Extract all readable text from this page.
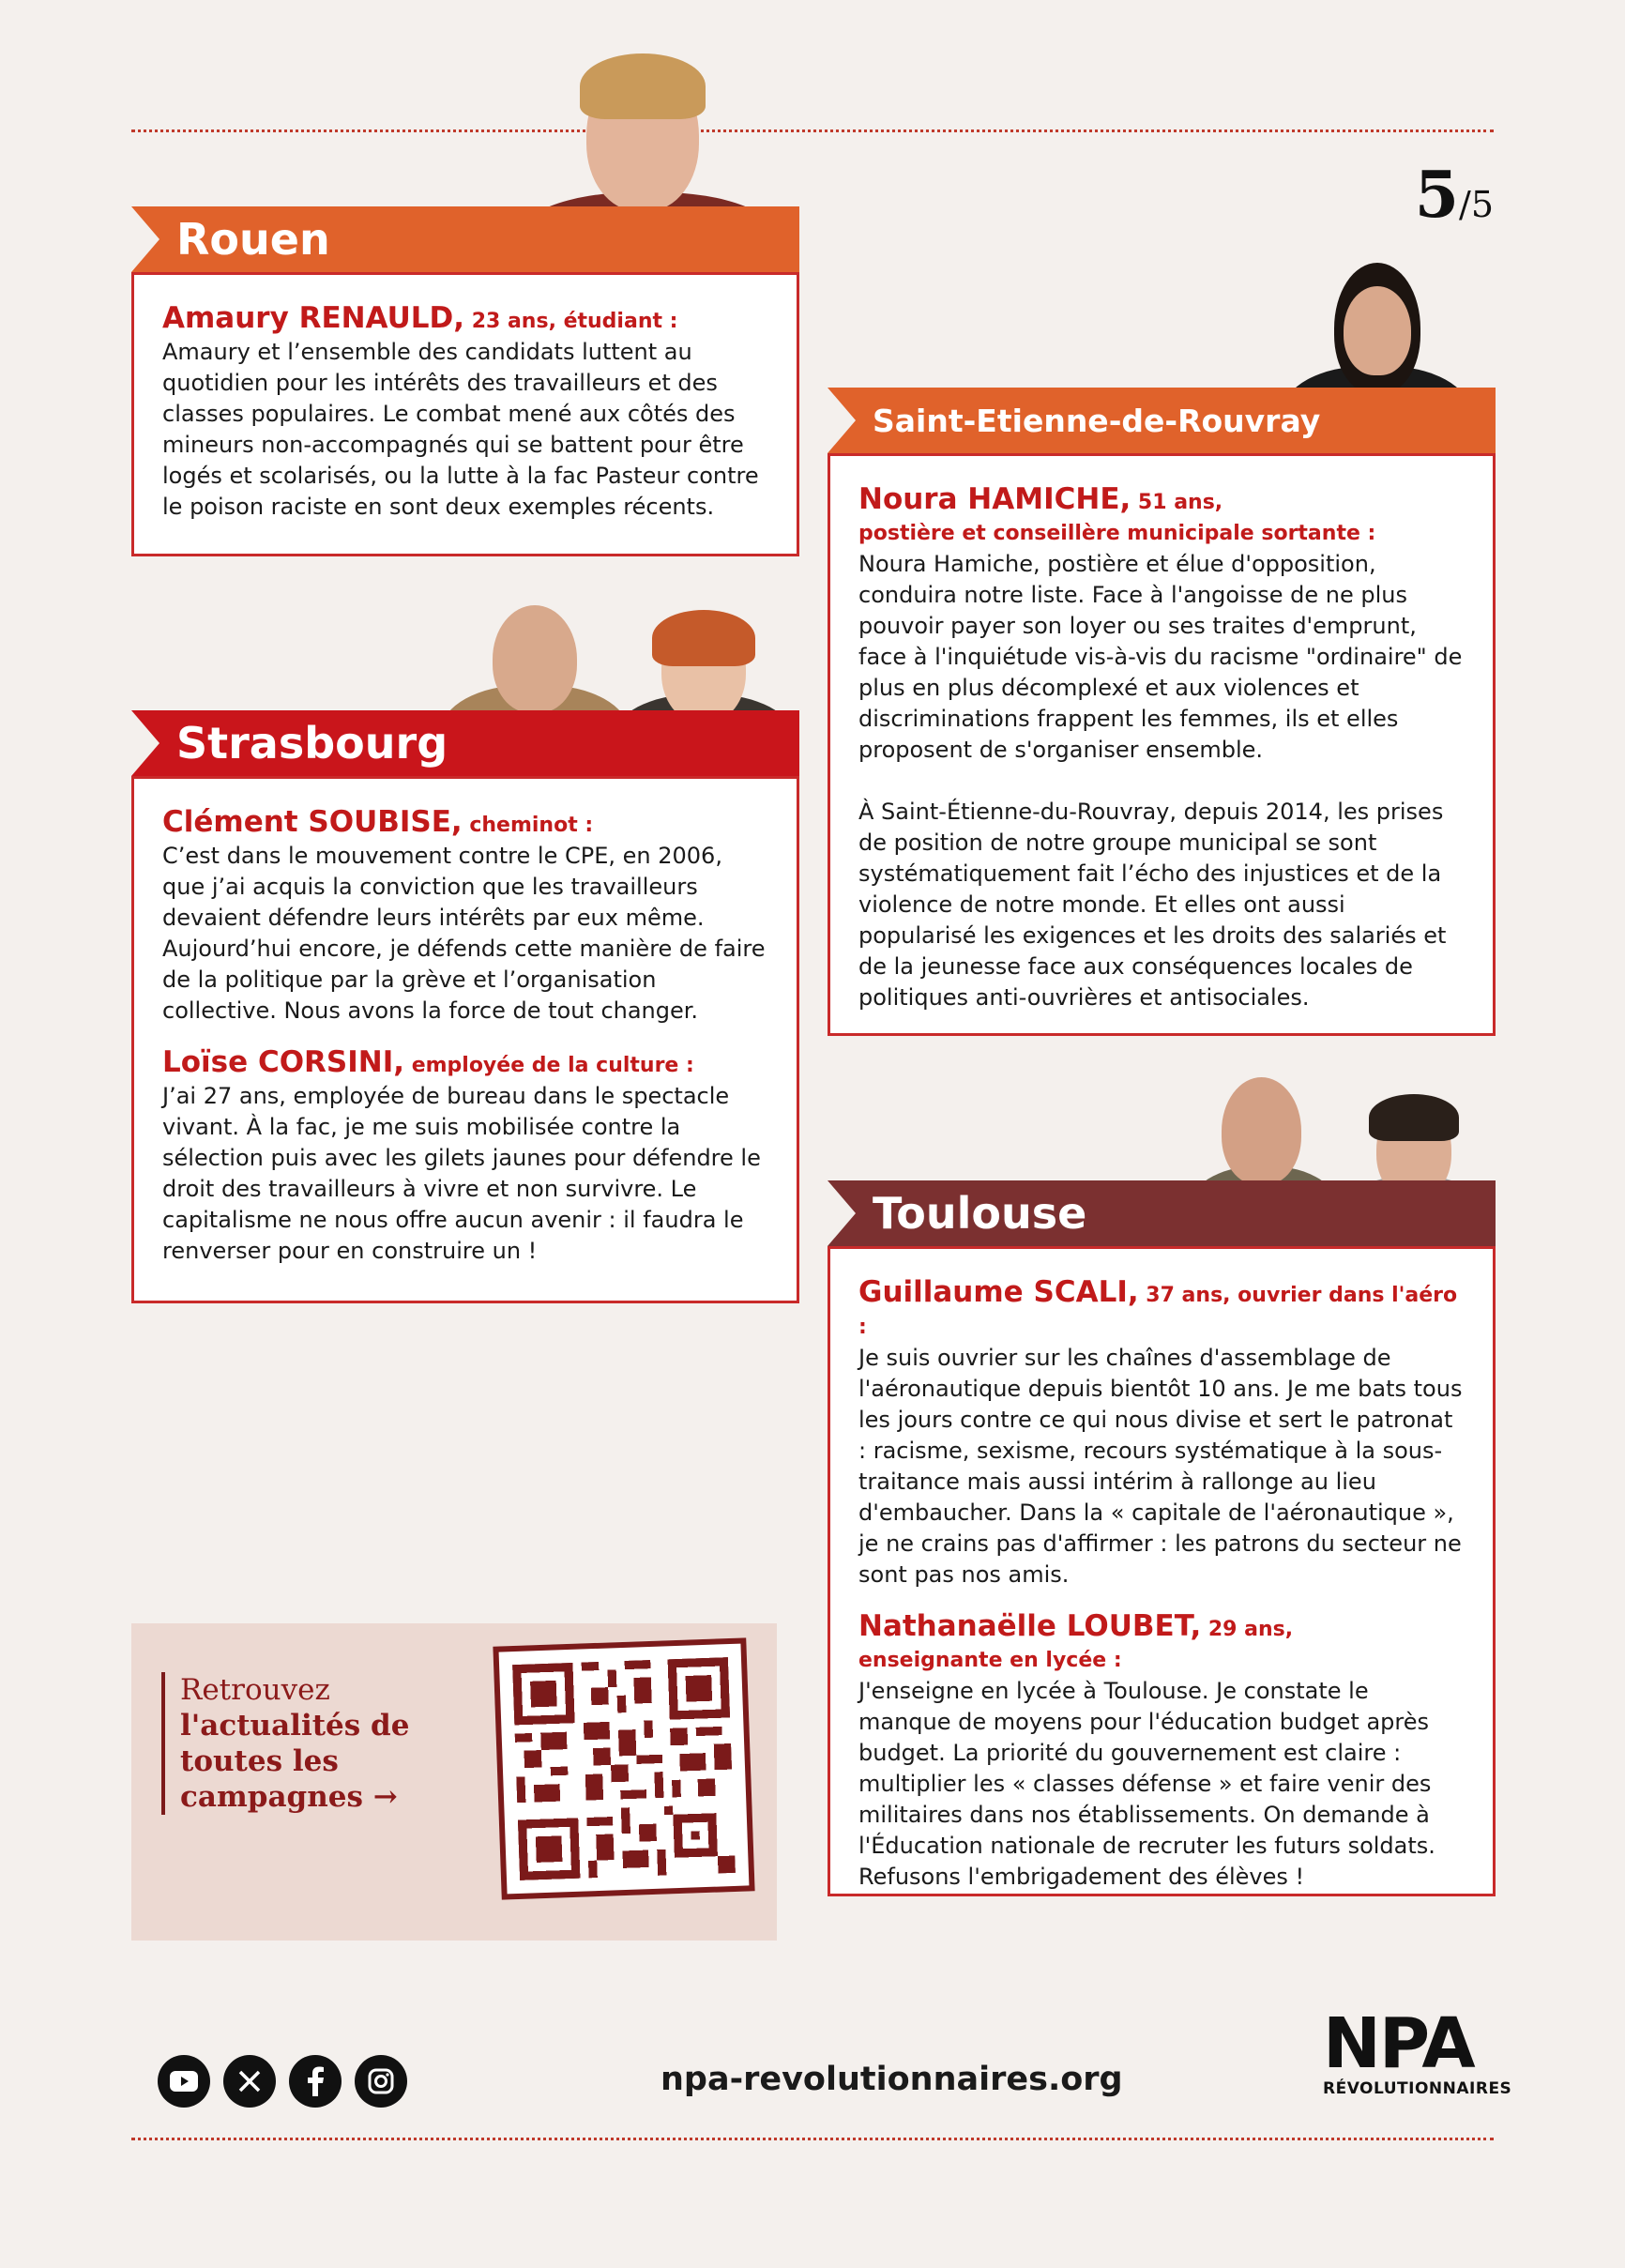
5/5
Rouen
Amaury RENAULD, 23 ans, étudiant :

Amaury et l’ensemble des candidats luttent au quotidien pour les intérêts des travailleurs et des classes populaires. Le combat mené aux côtés des mineurs non-accompagnés qui se battent pour être logés et scolarisés, ou la lutte à la fac Pasteur contre le poison raciste en sont deux exemples récents.

Strasbourg
Clément SOUBISE, cheminot :

C’est dans le mouvement contre le CPE, en 2006, que j’ai acquis la conviction que les travailleurs devaient défendre leurs intérêts par eux même. Aujourd’hui encore, je défends cette manière de faire de la politique par la grève et l’organisation collective. Nous avons la force de tout changer.

Loïse CORSINI, employée de la culture :

J’ai 27 ans, employée de bureau dans le spectacle vivant. À la fac, je me suis mobilisée contre la sélection puis avec les gilets jaunes pour défendre le droit des travailleurs à vivre et non survivre. Le capitalisme ne nous offre aucun avenir : il faudra le renverser pour en construire un !

Saint-Etienne-de-Rouvray
Noura HAMICHE, 51 ans,
postière et conseillère municipale sortante :

Noura Hamiche, postière et élue d'opposition, conduira notre liste. Face à l'angoisse de ne plus pouvoir payer son loyer ou ses traites d'emprunt, face à l'inquiétude vis-à-vis du racisme "ordinaire" de plus en plus décomplexé et aux violences et discriminations frappent les femmes, ils et elles proposent de s'organiser ensemble.

À Saint-Étienne-du-Rouvray, depuis 2014, les prises de position de notre groupe municipal se sont systématiquement fait l’écho des injustices et de la violence de notre monde. Et elles ont aussi popularisé les exigences et les droits des salariés et de la jeunesse face aux conséquences locales de politiques anti-ouvrières et antisociales.

Toulouse
Guillaume SCALI, 37 ans, ouvrier dans l'aéro :

Je suis ouvrier sur les chaînes d'assemblage de l'aéronautique depuis bientôt 10 ans. Je me bats tous les jours contre ce qui nous divise et sert le patronat : racisme, sexisme, recours systématique à la sous-traitance mais aussi intérim à rallonge au lieu d'embaucher. Dans la « capitale de l'aéronautique », je ne crains pas d'affirmer : les patrons du secteur ne sont pas nos amis.

Nathanaëlle LOUBET, 29 ans,
enseignante en lycée :

J'enseigne en lycée à Toulouse. Je constate le manque de moyens pour l'éducation budget après budget. La priorité du gouvernement est claire : multiplier les « classes défense » et faire venir des militaires dans nos établissements. On demande à l'Éducation nationale de recruter les futurs soldats. Refusons l'embrigadement des élèves !

Retrouvez
l'actualités de
toutes les
campagnes →
npa-revolutionnaires.org	NPA
RÉVOLUTIONNAIRES
